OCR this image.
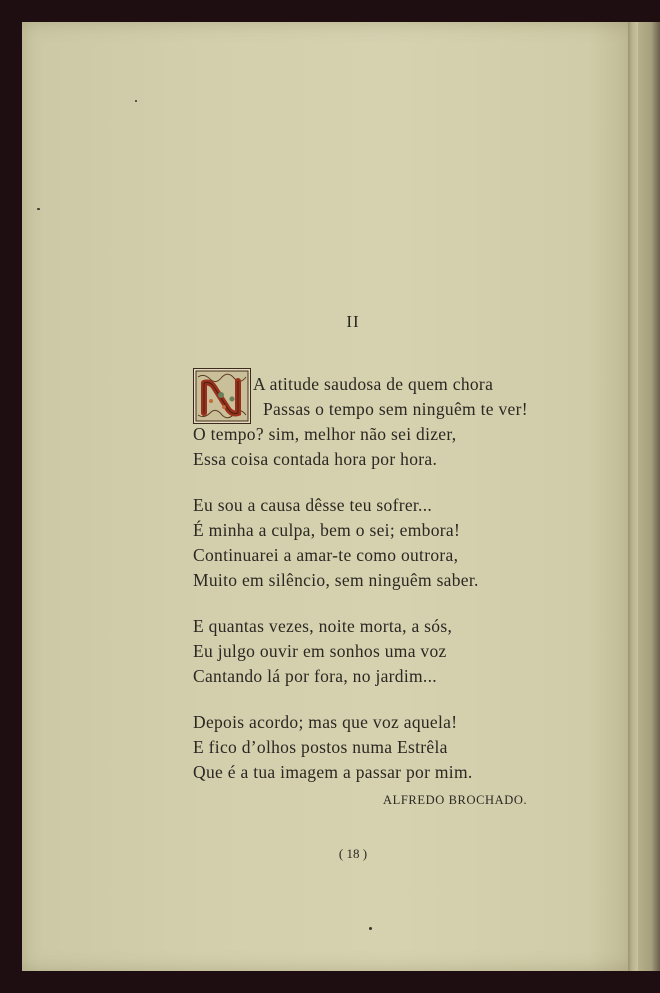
II
A atitude saudosa de quem chora
Passas o tempo sem ninguêm te ver!
O tempo? sim, melhor não sei dizer,
Essa coisa contada hora por hora.
Eu sou a causa dêsse teu sofrer...
É minha a culpa, bem o sei; embora!
Continuarei a amar-te como outrora,
Muito em silêncio, sem ninguêm saber.
E quantas vezes, noite morta, a sós,
Eu julgo ouvir em sonhos uma voz
Cantando lá por fora, no jardim...
Depois acordo; mas que voz aquela!
E fico d’olhos postos numa Estrêla
Que é a tua imagem a passar por mim.
ALFREDO BROCHADO.
( 18 )
